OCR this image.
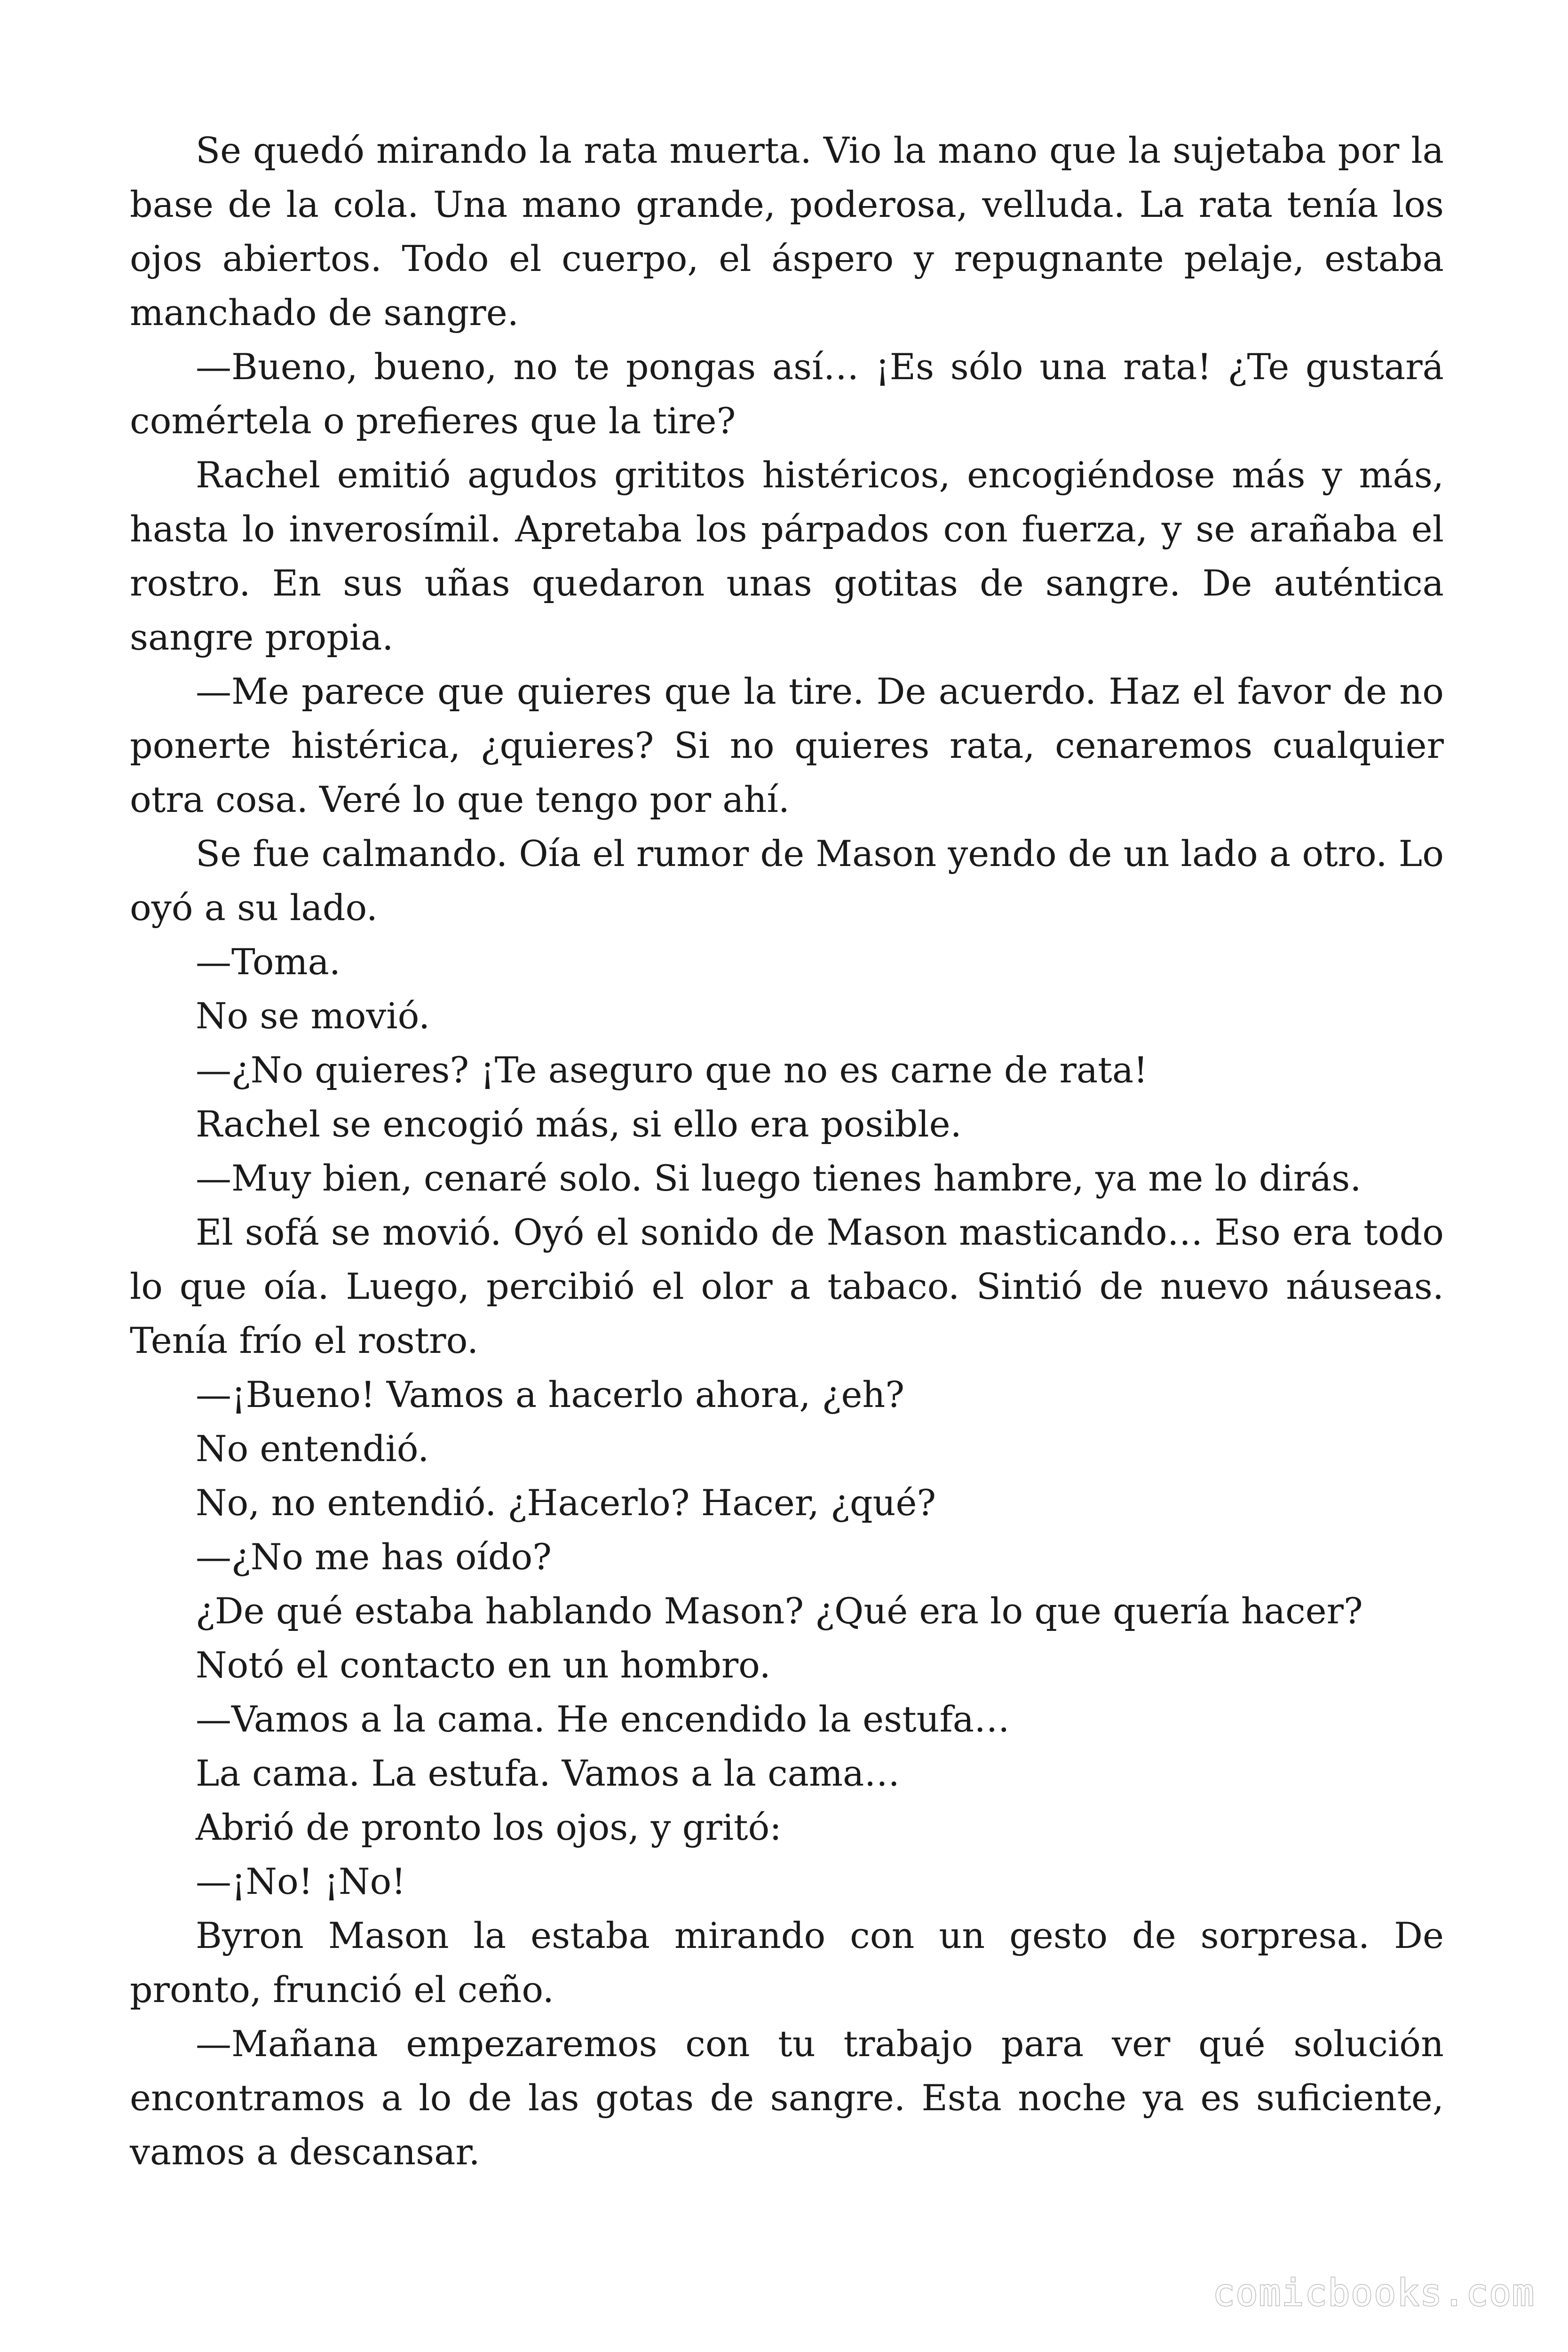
Se quedó mirando la rata muerta. Vio la mano que la sujetaba por la base de la cola. Una mano grande, poderosa, velluda. La rata tenía los ojos abiertos. Todo el cuerpo, el áspero y repugnante pelaje, estaba manchado de sangre.

—Bueno, bueno, no te pongas así… ¡Es sólo una rata! ¿Te gustará comértela o prefieres que la tire?

Rachel emitió agudos grititos histéricos, encogiéndose más y más, hasta lo inverosímil. Apretaba los párpados con fuerza, y se arañaba el rostro. En sus uñas quedaron unas gotitas de sangre. De auténtica sangre propia.

—Me parece que quieres que la tire. De acuerdo. Haz el favor de no ponerte histérica, ¿quieres? Si no quieres rata, cenaremos cualquier otra cosa. Veré lo que tengo por ahí.

Se fue calmando. Oía el rumor de Mason yendo de un lado a otro. Lo oyó a su lado.

—Toma.

No se movió.

—¿No quieres? ¡Te aseguro que no es carne de rata!

Rachel se encogió más, si ello era posible.

—Muy bien, cenaré solo. Si luego tienes hambre, ya me lo dirás.

El sofá se movió. Oyó el sonido de Mason masticando… Eso era todo lo que oía. Luego, percibió el olor a tabaco. Sintió de nuevo náuseas. Tenía frío el rostro.

—¡Bueno! Vamos a hacerlo ahora, ¿eh?

No entendió.

No, no entendió. ¿Hacerlo? Hacer, ¿qué?

—¿No me has oído?

¿De qué estaba hablando Mason? ¿Qué era lo que quería hacer?

Notó el contacto en un hombro.

—Vamos a la cama. He encendido la estufa…

La cama. La estufa. Vamos a la cama…

Abrió de pronto los ojos, y gritó:

—¡No! ¡No!

Byron Mason la estaba mirando con un gesto de sorpresa. De pronto, frunció el ceño.

—Mañana empezaremos con tu trabajo para ver qué solución encontramos a lo de las gotas de sangre. Esta noche ya es suficiente, vamos a descansar.

comicbooks.com
